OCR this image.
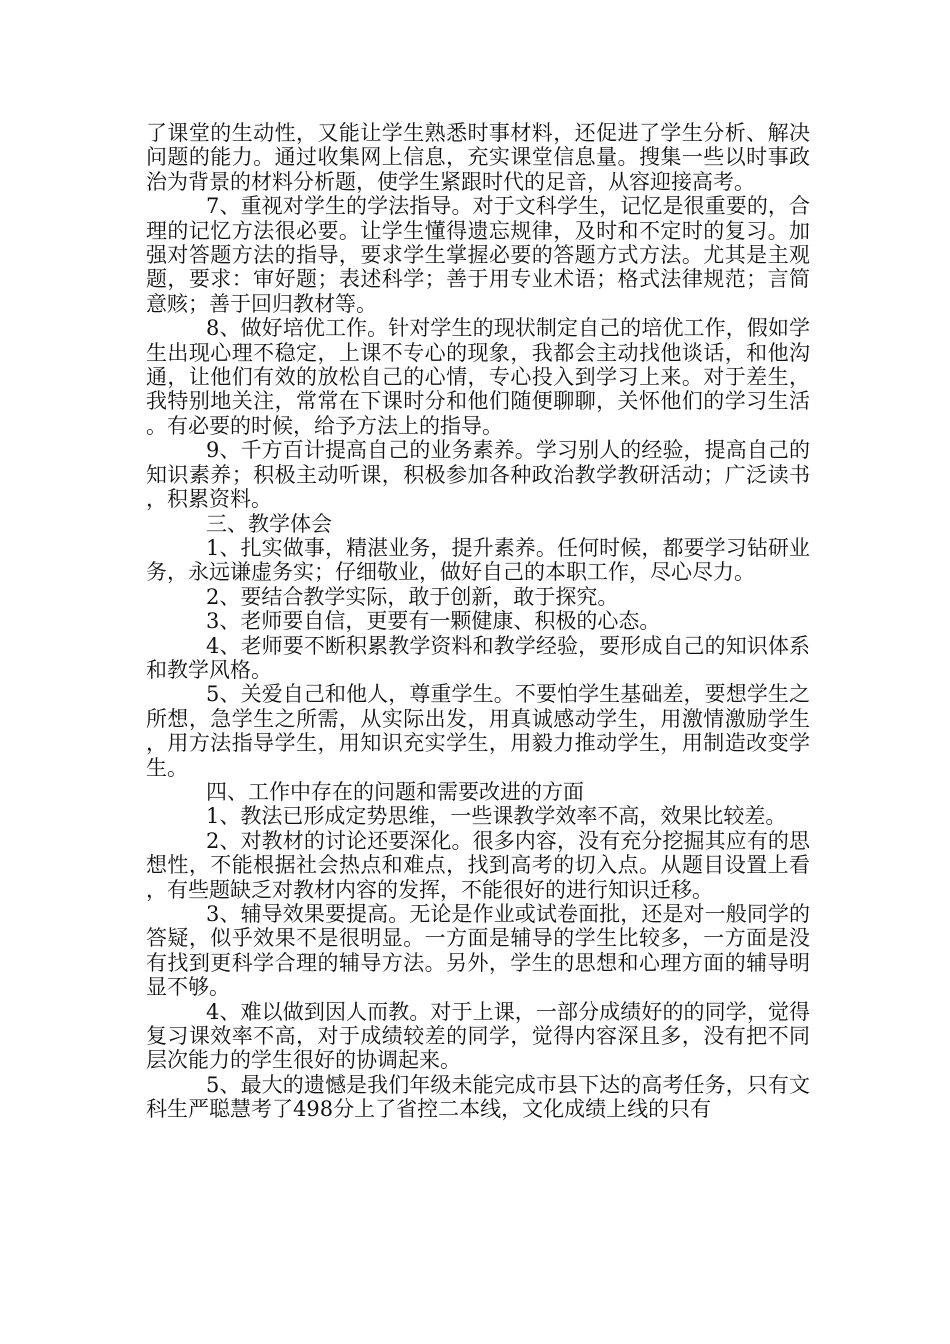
了课堂的生动性，又能让学生熟悉时事材料，还促进了学生分析、解决问题的能力。通过收集网上信息，充实课堂信息量。搜集一些以时事政治为背景的材料分析题，使学生紧跟时代的足音，从容迎接高考。

7、重视对学生的学法指导。对于文科学生，记忆是很重要的，合理的记忆方法很必要。让学生懂得遗忘规律，及时和不定时的复习。加强对答题方法的指导，要求学生掌握必要的答题方式方法。尤其是主观题，要求：审好题；表述科学；善于用专业术语；格式法律规范；言简意赅；善于回归教材等。

8、做好培优工作。针对学生的现状制定自己的培优工作，假如学生出现心理不稳定，上课不专心的现象，我都会主动找他谈话，和他沟通，让他们有效的放松自己的心情，专心投入到学习上来。对于差生，我特别地关注，常常在下课时分和他们随便聊聊，关怀他们的学习生活。有必要的时候，给予方法上的指导。

9、千方百计提高自己的业务素养。学习别人的经验，提高自己的知识素养；积极主动听课，积极参加各种政治教学教研活动；广泛读书，积累资料。

三、教学体会

1、扎实做事，精湛业务，提升素养。任何时候，都要学习钻研业务，永远谦虚务实；仔细敬业，做好自己的本职工作，尽心尽力。

2、要结合教学实际，敢于创新，敢于探究。

3、老师要自信，更要有一颗健康、积极的心态。

4、老师要不断积累教学资料和教学经验，要形成自己的知识体系和教学风格。

5、关爱自己和他人，尊重学生。不要怕学生基础差，要想学生之所想，急学生之所需，从实际出发，用真诚感动学生，用激情激励学生，用方法指导学生，用知识充实学生，用毅力推动学生，用制造改变学生。

四、工作中存在的问题和需要改进的方面

1、教法已形成定势思维，一些课教学效率不高，效果比较差。

2、对教材的讨论还要深化。很多内容，没有充分挖掘其应有的思想性，不能根据社会热点和难点，找到高考的切入点。从题目设置上看，有些题缺乏对教材内容的发挥，不能很好的进行知识迁移。

3、辅导效果要提高。无论是作业或试卷面批，还是对一般同学的答疑，似乎效果不是很明显。一方面是辅导的学生比较多，一方面是没有找到更科学合理的辅导方法。另外，学生的思想和心理方面的辅导明显不够。

4、难以做到因人而教。对于上课，一部分成绩好的的同学，觉得复习课效率不高，对于成绩较差的同学，觉得内容深且多，没有把不同层次能力的学生很好的协调起来。

5、最大的遗憾是我们年级未能完成市县下达的高考任务，只有文科生严聪慧考了498分上了省控二本线，文化成绩上线的只有
